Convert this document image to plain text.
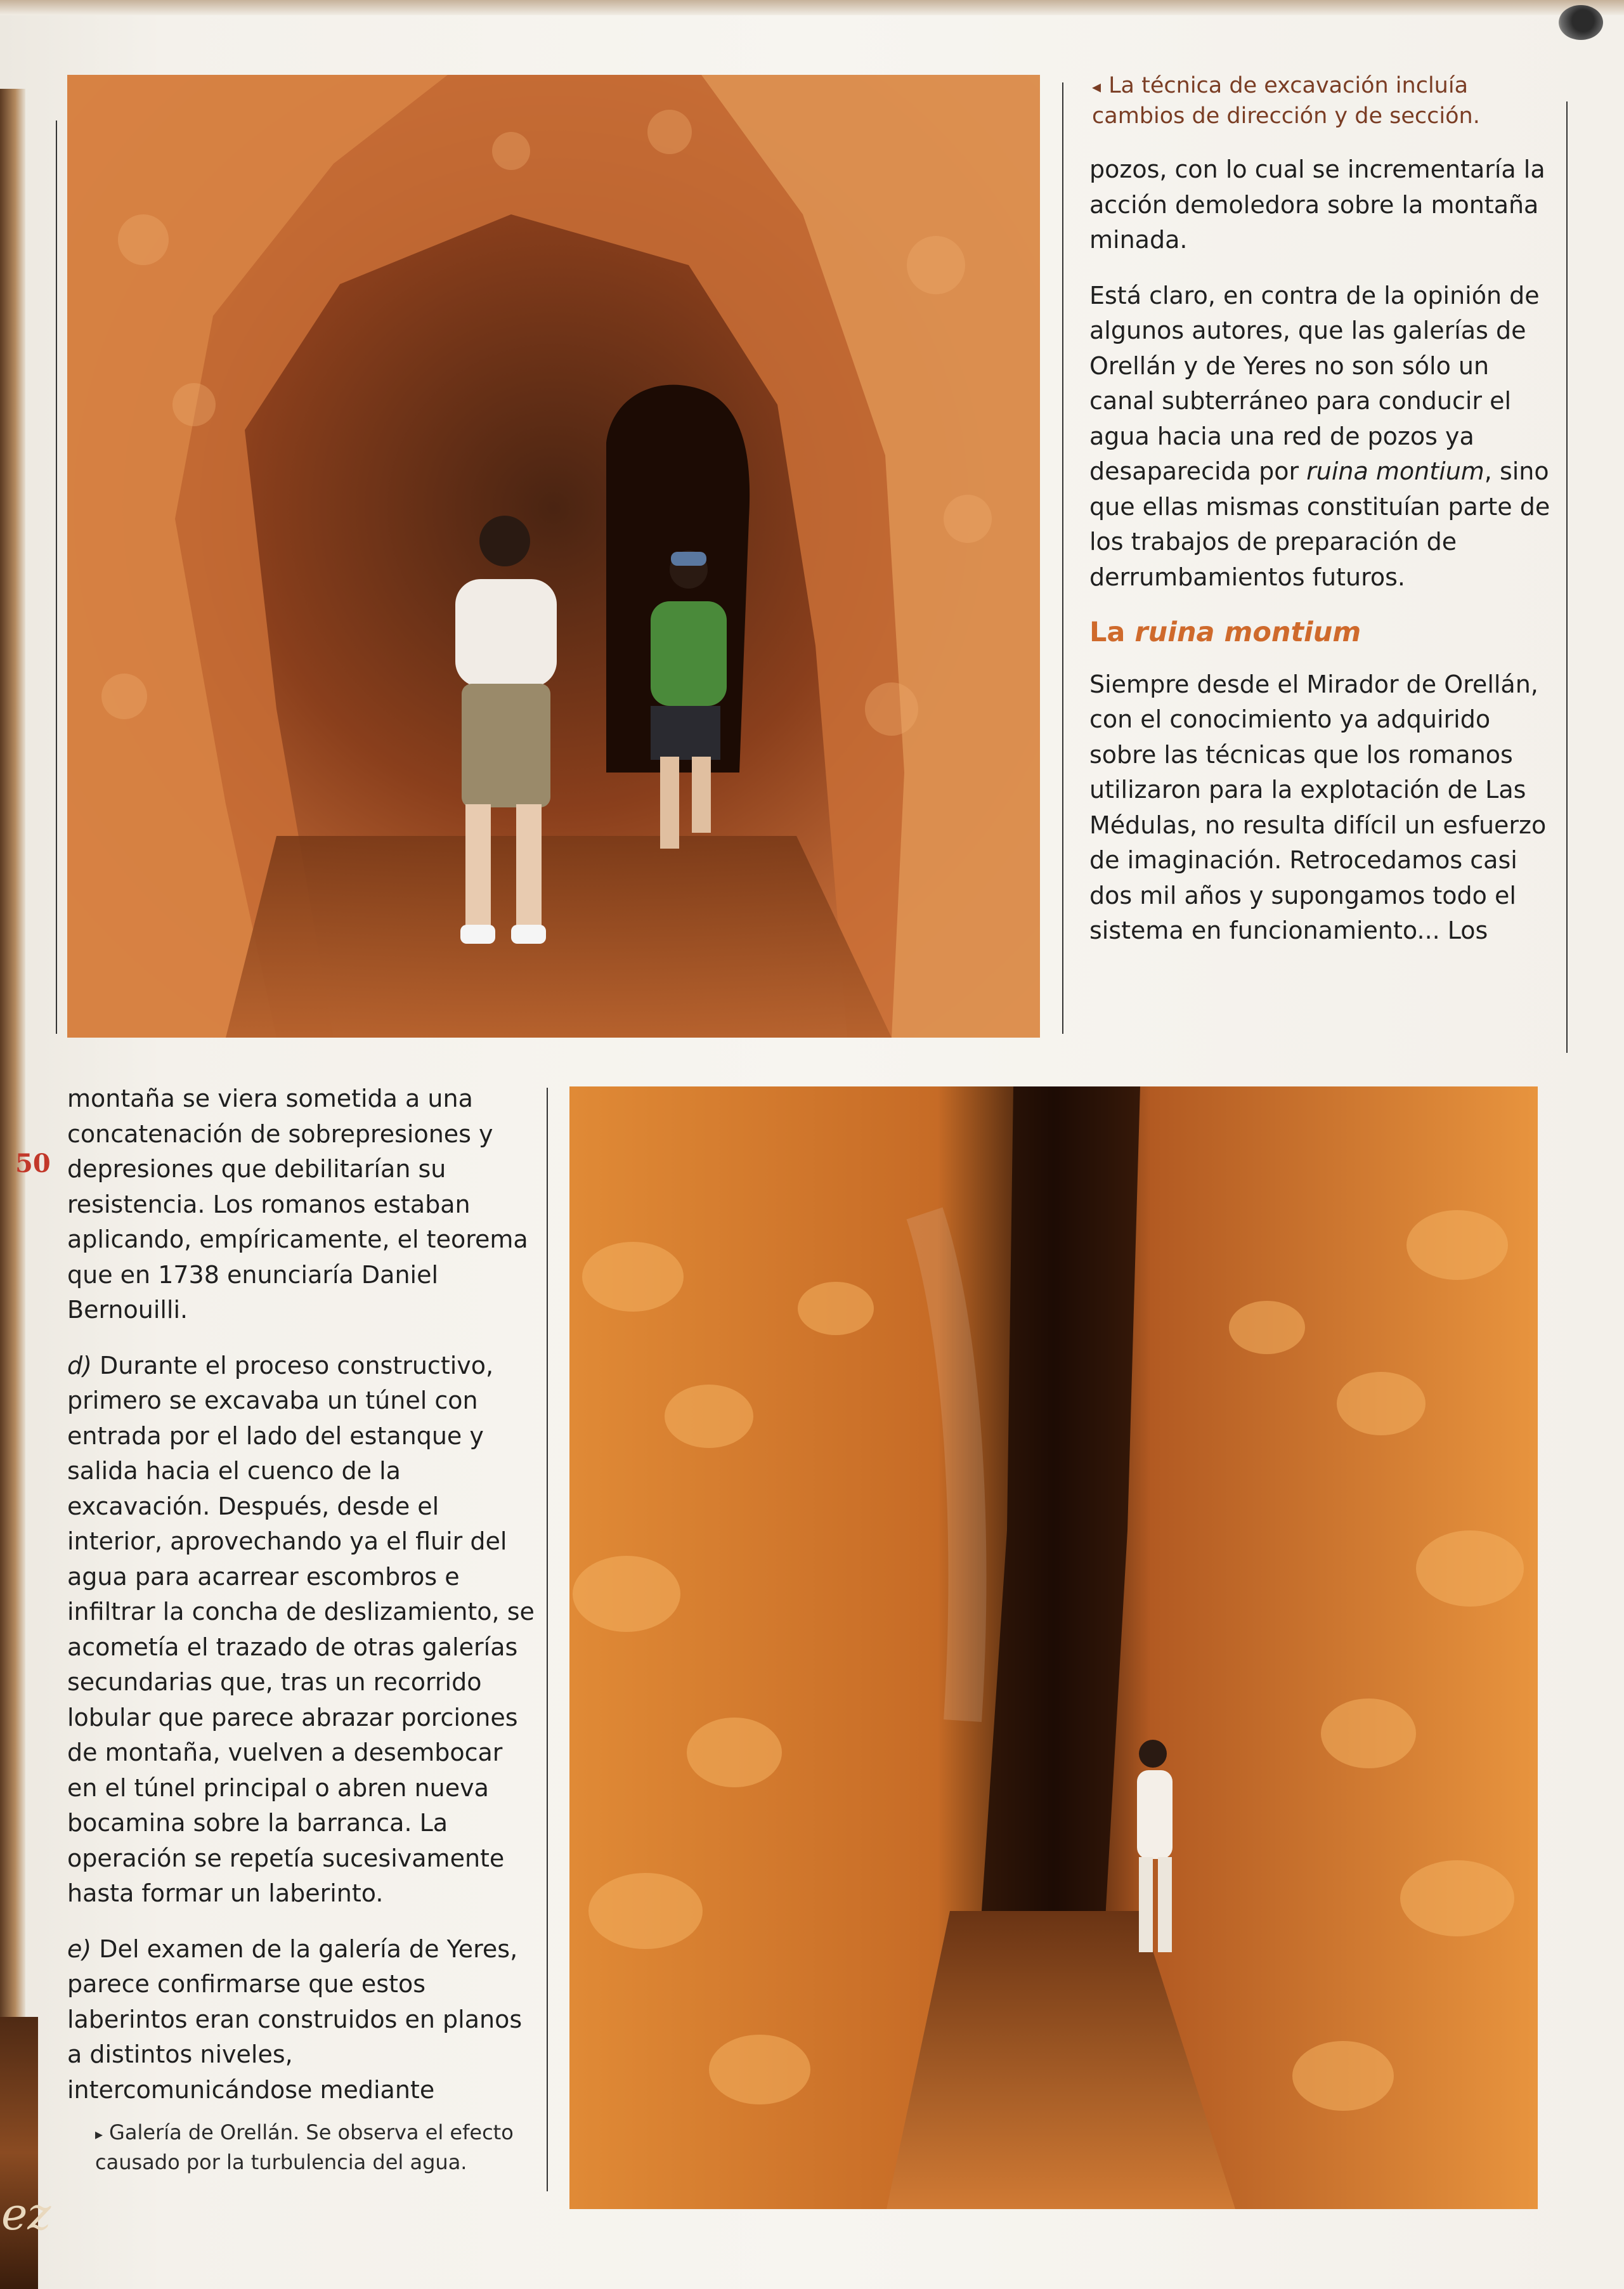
ez
◂ La técnica de excavación incluía cambios de dirección y de sección.

pozos, con lo cual se incrementaría la acción demoledora sobre la montaña minada.

Está claro, en contra de la opinión de algunos autores, que las galerías de Orellán y de Yeres no son sólo un canal subterráneo para conducir el agua hacia una red de pozos ya desaparecida por ruina montium, sino que ellas mismas constituían parte de los trabajos de preparación de derrumbamientos futuros.

La ruina montium

Siempre desde el Mirador de Orellán, con el conocimiento ya adquirido sobre las técnicas que los romanos utilizaron para la explotación de Las Médulas, no resulta difícil un esfuerzo de imaginación. Retrocedamos casi dos mil años y supongamos todo el sistema en funcionamiento... Los

50

montaña se viera sometida a una concatenación de sobrepresiones y depresiones que debilitarían su resistencia. Los romanos estaban aplicando, empíricamente, el teorema que en 1738 enunciaría Daniel Bernouilli.

d) Durante el proceso constructivo, primero se excavaba un túnel con entrada por el lado del estanque y salida hacia el cuenco de la excavación. Después, desde el interior, aprovechando ya el fluir del agua para acarrear escombros e infiltrar la concha de deslizamiento, se acometía el trazado de otras galerías secundarias que, tras un recorrido lobular que parece abrazar porciones de montaña, vuelven a desembocar en el túnel principal o abren nueva bocamina sobre la barranca. La operación se repetía sucesivamente hasta formar un laberinto.

e) Del examen de la galería de Yeres, parece confirmarse que estos laberintos eran construidos en planos a distintos niveles, intercomunicándose mediante

▸ Galería de Orellán. Se observa el efecto causado por la turbulencia del agua.
